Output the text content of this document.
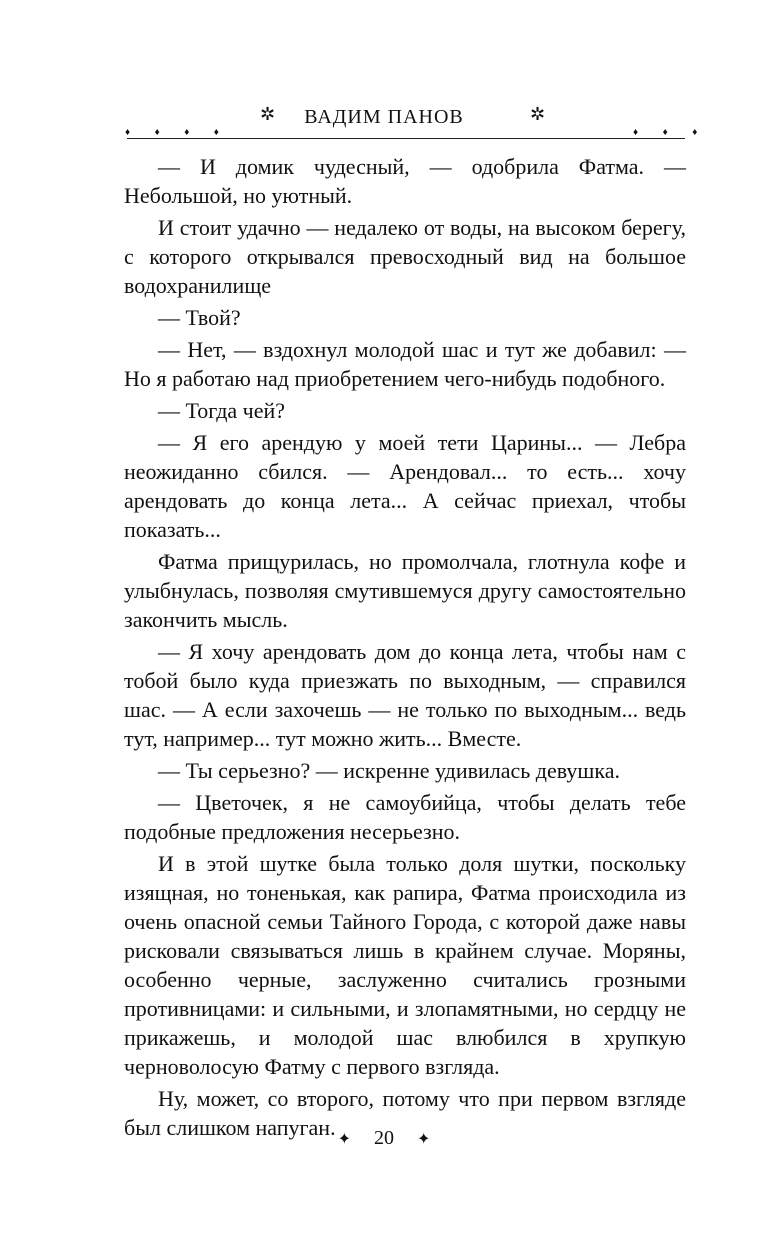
✲	ВАДИМ ПАНОВ	✲
♦ ♦ ♦ ♦	♦ ♦ ♦

— И домик чудесный, — одобрила Фатма. — Небольшой, но уютный.

И стоит удачно — недалеко от воды, на высоком берегу, с которого открывался превосходный вид на большое водохранилище

— Твой?

— Нет, — вздохнул молодой шас и тут же добавил: — Но я работаю над приобретением чего-нибудь подобного.

— Тогда чей?

— Я его арендую у моей тети Царины... — Лебра неожиданно сбился. — Арендовал... то есть... хочу арендовать до конца лета... А сейчас приехал, чтобы показать...

Фатма прищурилась, но промолчала, глотнула кофе и улыбнулась, позволяя смутившемуся другу самостоятельно закончить мысль.

— Я хочу арендовать дом до конца лета, чтобы нам с тобой было куда приезжать по выходным, — справился шас. — А если захочешь — не только по выходным... ведь тут, например... тут можно жить... Вместе.

— Ты серьезно? — искренне удивилась девушка.

— Цветочек, я не самоубийца, чтобы делать тебе подобные предложения несерьезно.

И в этой шутке была только доля шутки, поскольку изящная, но тоненькая, как рапира, Фатма происходила из очень опасной семьи Тайного Города, с которой даже навы рисковали связываться лишь в крайнем случае. Моряны, особенно черные, заслуженно считались грозными противницами: и сильными, и злопамятными, но сердцу не прикажешь, и молодой шас влюбился в хрупкую черноволосую Фатму с первого взгляда.

Ну, может, со второго, потому что при первом взгляде был слишком напуган. ✦ 20 ✦
